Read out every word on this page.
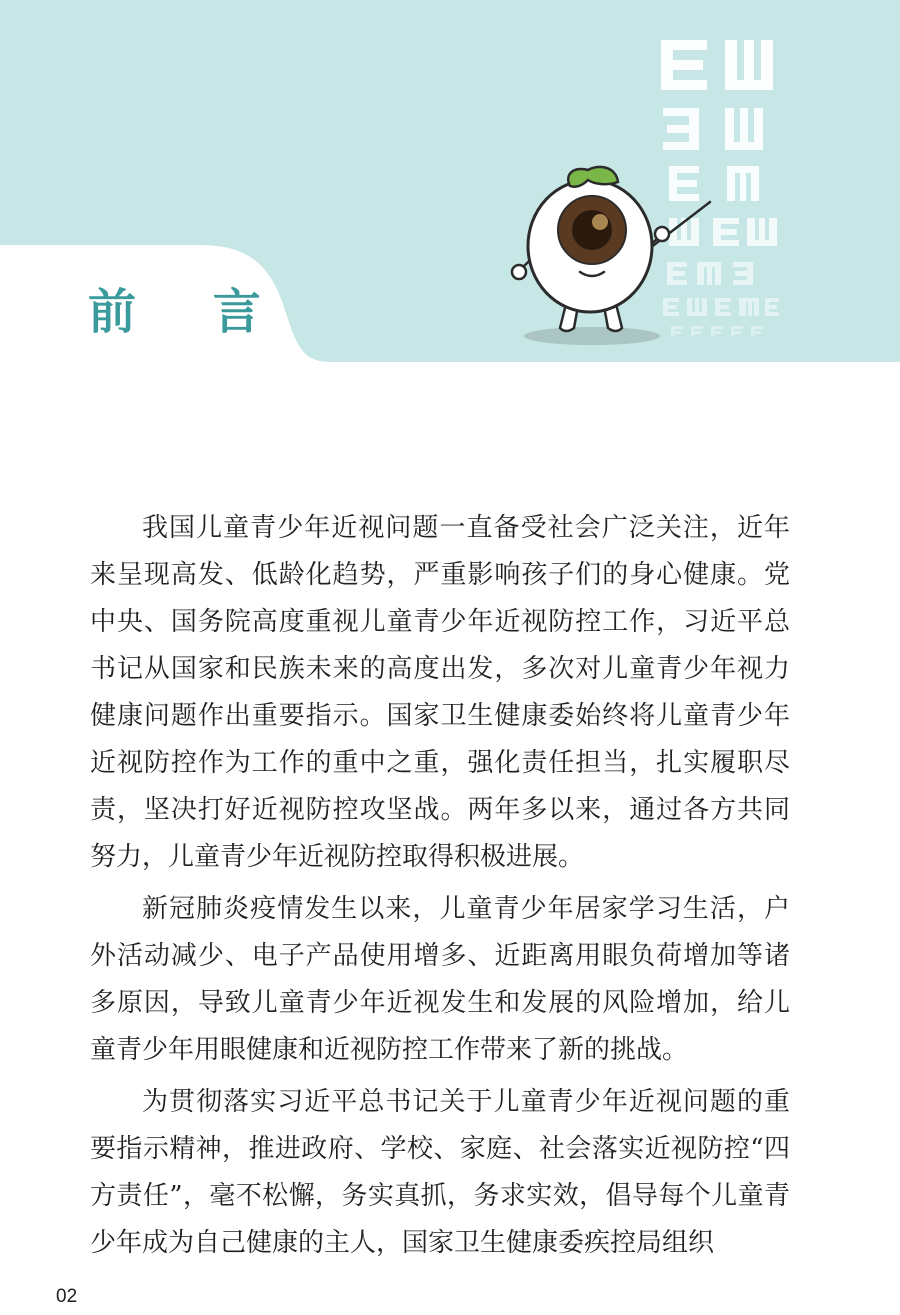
前 言

我国儿童青少年近视问题一直备受社会广泛关注，近年来呈现高发、低龄化趋势，严重影响孩子们的身心健康。党中央、国务院高度重视儿童青少年近视防控工作，习近平总书记从国家和民族未来的高度出发，多次对儿童青少年视力健康问题作出重要指示。国家卫生健康委始终将儿童青少年近视防控作为工作的重中之重，强化责任担当，扎实履职尽责，坚决打好近视防控攻坚战。两年多以来，通过各方共同努力，儿童青少年近视防控取得积极进展。

新冠肺炎疫情发生以来，儿童青少年居家学习生活，户外活动减少、电子产品使用增多、近距离用眼负荷增加等诸多原因，导致儿童青少年近视发生和发展的风险增加，给儿童青少年用眼健康和近视防控工作带来了新的挑战。

为贯彻落实习近平总书记关于儿童青少年近视问题的重要指示精神，推进政府、学校、家庭、社会落实近视防控“四方责任”，毫不松懈，务实真抓，务求实效，倡导每个儿童青少年成为自己健康的主人，国家卫生健康委疾控局组织

02
